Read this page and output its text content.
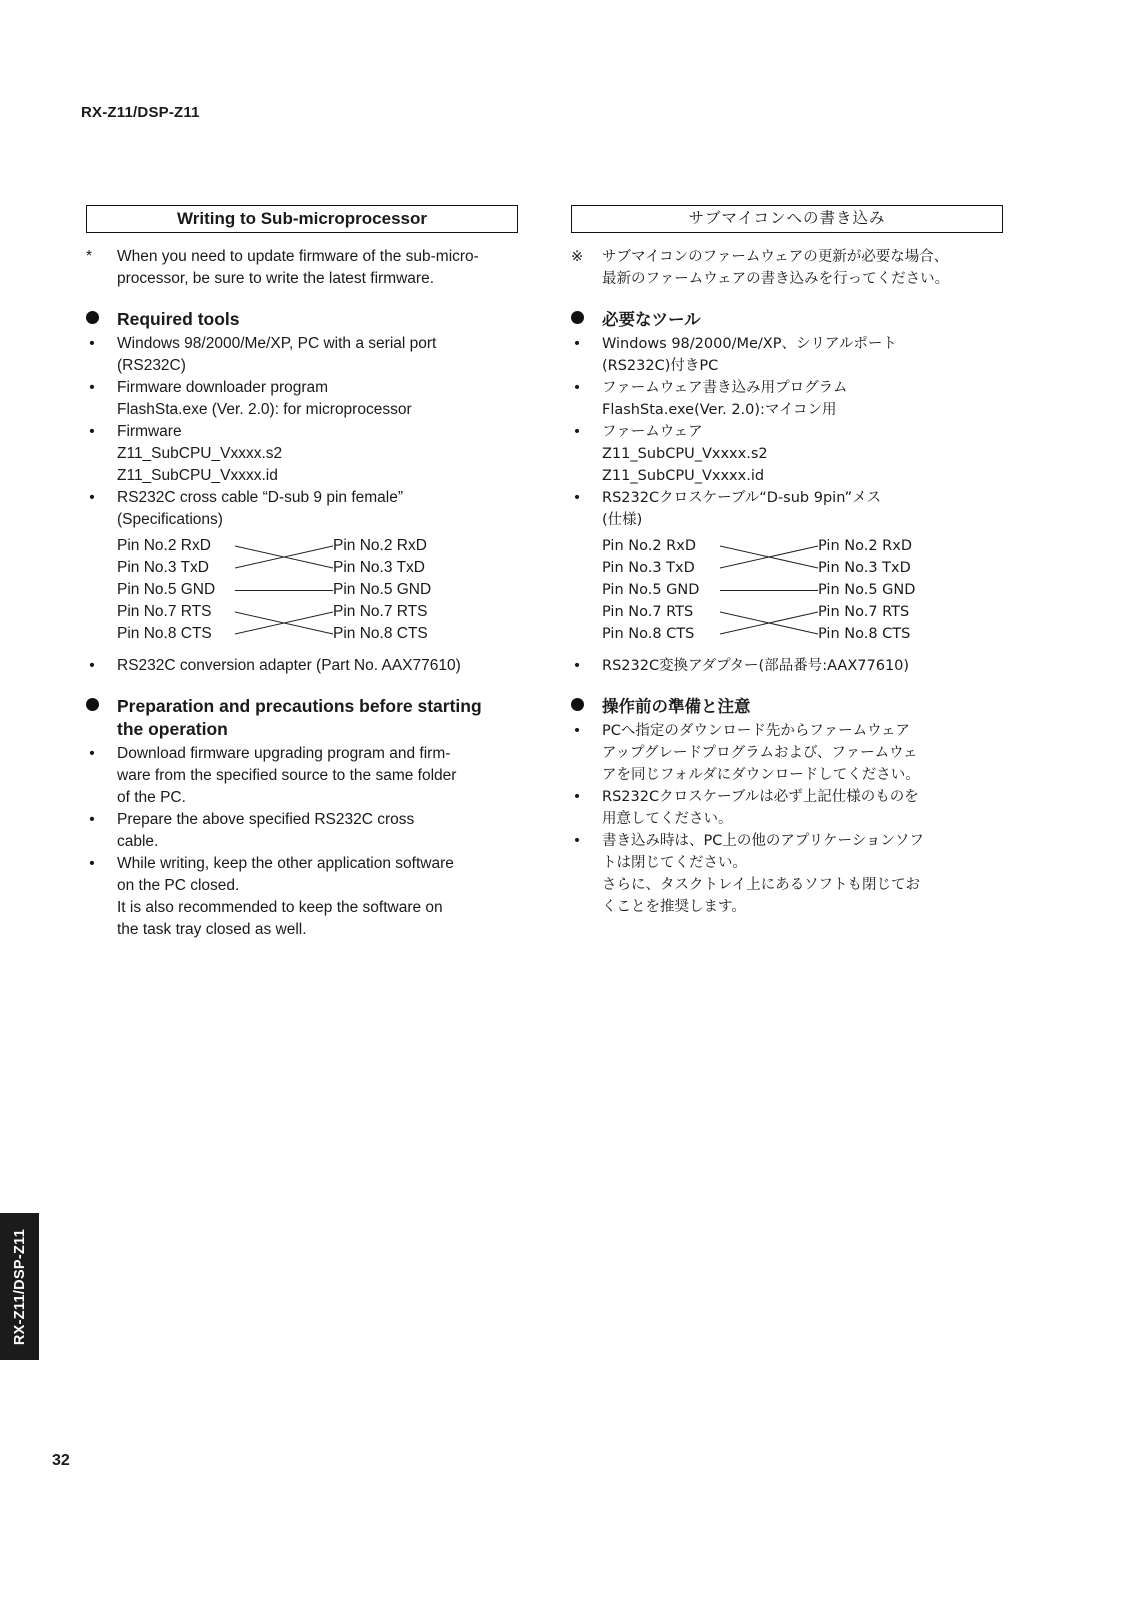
RX-Z11/DSP-Z11
Writing to Sub-microprocessor
* When you need to update firmware of the sub-micro-
processor, be sure to write the latest firmware.
Required tools
• Windows 98/2000/Me/XP, PC with a serial port
(RS232C)
• Firmware downloader program
FlashSta.exe (Ver. 2.0): for microprocessor
• Firmware
Z11_SubCPU_Vxxxx.s2
Z11_SubCPU_Vxxxx.id
• RS232C cross cable “D-sub 9 pin female”
(Specifications)
Pin No.2 RxD	Pin No.2 RxD
Pin No.3 TxD	Pin No.3 TxD
Pin No.5 GND	Pin No.5 GND
Pin No.7 RTS	Pin No.7 RTS
Pin No.8 CTS	Pin No.8 CTS
• RS232C conversion adapter (Part No. AAX77610)
Preparation and precautions before starting
the operation
• Download firmware upgrading program and firm-
ware from the specified source to the same folder
of the PC.
• Prepare the above specified RS232C cross
cable.
• While writing, keep the other application software
on the PC closed.
It is also recommended to keep the software on
the task tray closed as well.
サブマイコンへの書き込み
※ サブマイコンのファームウェアの更新が必要な場合、
最新のファームウェアの書き込みを行ってください。
必要なツール
• Windows 98/2000/Me/XP、シリアルポート
(RS232C)付きPC
• ファームウェア書き込み用プログラム
FlashSta.exe(Ver. 2.0):マイコン用
• ファームウェア
Z11_SubCPU_Vxxxx.s2
Z11_SubCPU_Vxxxx.id
• RS232Cクロスケーブル“D-sub 9pin”メス
(仕様)
Pin No.2 RxD	Pin No.2 RxD
Pin No.3 TxD	Pin No.3 TxD
Pin No.5 GND	Pin No.5 GND
Pin No.7 RTS	Pin No.7 RTS
Pin No.8 CTS	Pin No.8 CTS
• RS232C変換アダプター(部品番号:AAX77610)
操作前の準備と注意
• PCへ指定のダウンロード先からファームウェア
アップグレードプログラムおよび、ファームウェ
アを同じフォルダにダウンロードしてください。
• RS232Cクロスケーブルは必ず上記仕様のものを
用意してください。
• 書き込み時は、PC上の他のアプリケーションソフ
トは閉じてください。
さらに、タスクトレイ上にあるソフトも閉じてお
くことを推奨します。
RX-Z11/DSP-Z11
32
